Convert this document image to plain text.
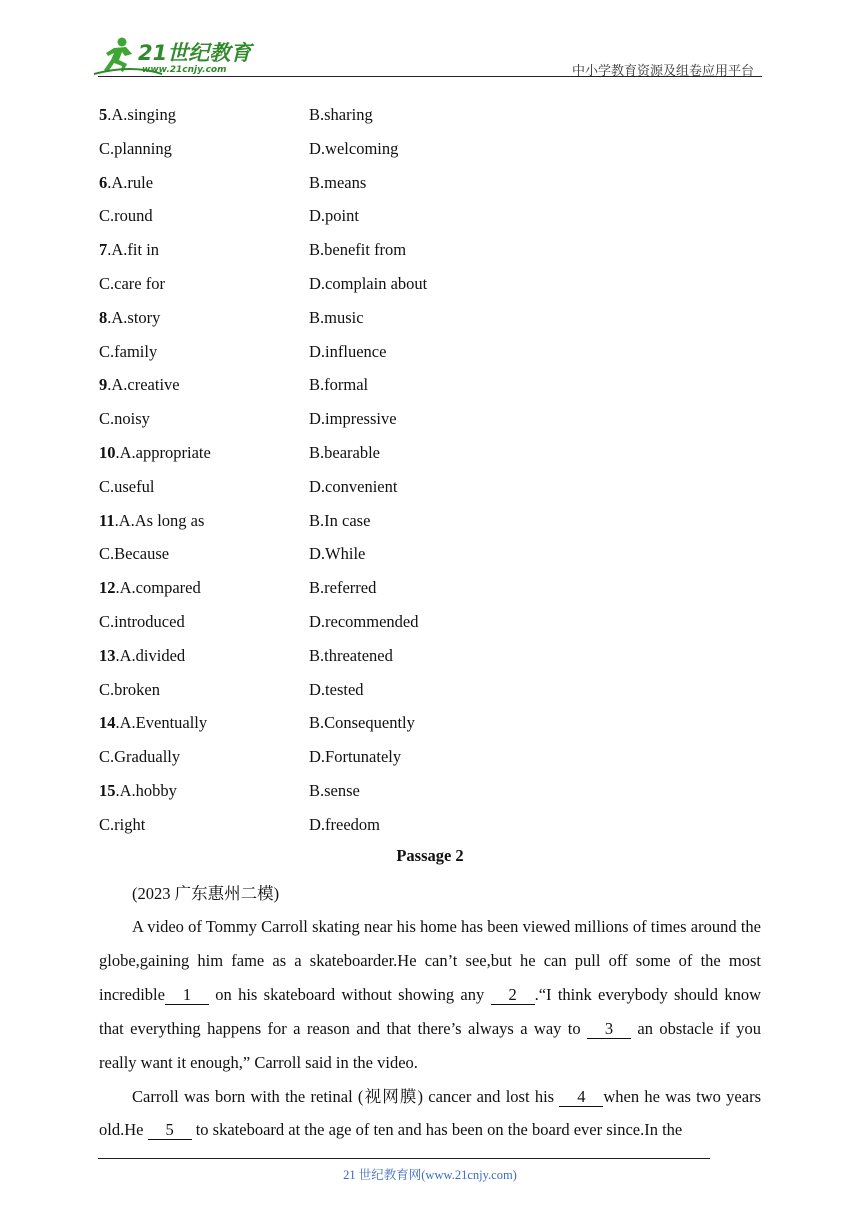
21世纪教育
www.21cnjy.com	中小学教育资源及组卷应用平台
5.A.singing	B.sharing
C.planning	D.welcoming
6.A.rule	B.means
C.round	D.point
7.A.fit in	B.benefit from
C.care for	D.complain about
8.A.story	B.music
C.family	D.influence
9.A.creative	B.formal
C.noisy	D.impressive
10.A.appropriate	B.bearable
C.useful	D.convenient
11.A.As long as	B.In case
C.Because	D.While
12.A.compared	B.referred
C.introduced	D.recommended
13.A.divided	B.threatened
C.broken	D.tested
14.A.Eventually	B.Consequently
C.Gradually	D.Fortunately
15.A.hobby	B.sense
C.right	D.freedom
Passage 2
(2023 广东惠州二模)

A video of Tommy Carroll skating near his home has been viewed millions of times around the globe,gaining him fame as a skateboarder.He can’t see,but he can pull off some of the most incredible 1 on his skateboard without showing any 2 .“I think everybody should know that everything happens for a reason and that there’s always a way to 3 an obstacle if you really want it enough,” Carroll said in the video.

Carroll was born with the retinal (视网膜) cancer and lost his 4 when he was two years old.He 5 to skateboard at the age of ten and has been on the board ever since.In the

21 世纪教育网(www.21cnjy.com)
